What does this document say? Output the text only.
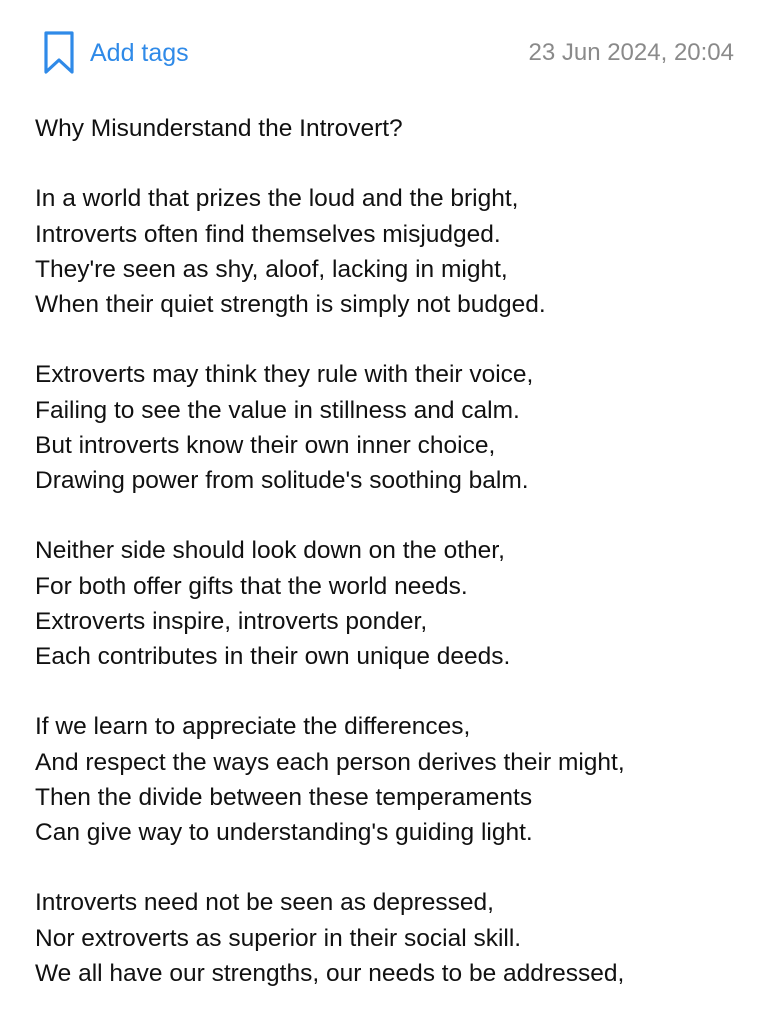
Add tags	23 Jun 2024, 20:04
Why Misunderstand the Introvert?
In a world that prizes the loud and the bright,
Introverts often find themselves misjudged.
They're seen as shy, aloof, lacking in might,
When their quiet strength is simply not budged.
Extroverts may think they rule with their voice,
Failing to see the value in stillness and calm.
But introverts know their own inner choice,
Drawing power from solitude's soothing balm.
Neither side should look down on the other,
For both offer gifts that the world needs.
Extroverts inspire, introverts ponder,
Each contributes in their own unique deeds.
If we learn to appreciate the differences,
And respect the ways each person derives their might,
Then the divide between these temperaments
Can give way to understanding's guiding light.
Introverts need not be seen as depressed,
Nor extroverts as superior in their social skill.
We all have our strengths, our needs to be addressed,
